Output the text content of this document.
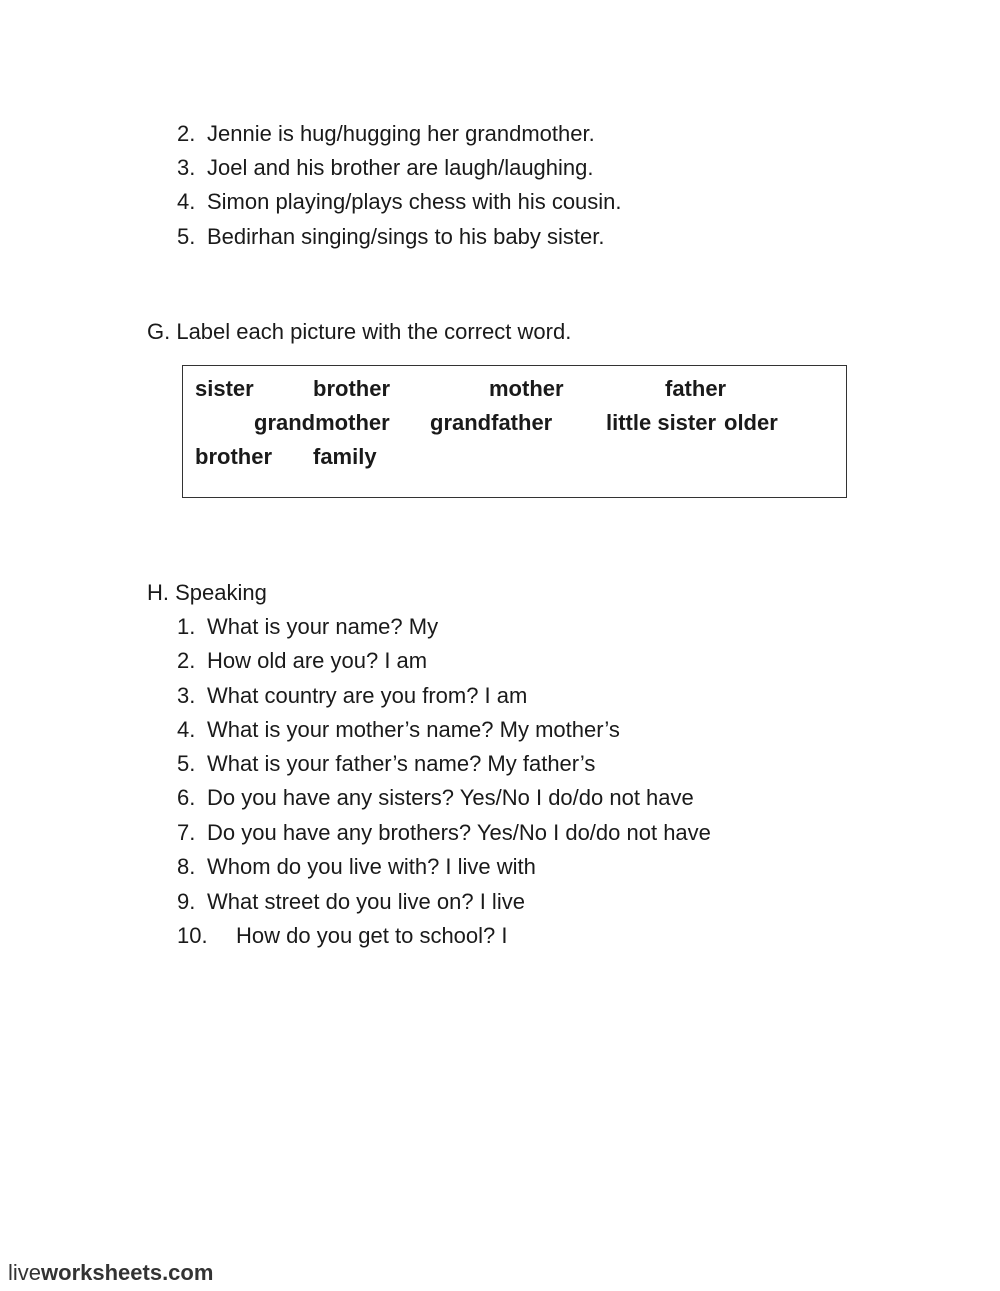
2. Jennie is hug/hugging her grandmother.
3. Joel and his brother are laugh/laughing.
4. Simon playing/plays chess with his cousin.
5. Bedirhan singing/sings to his baby sister.
G. Label each picture with the correct word.
sister	brother	mother	father
grandmother grandfather little sister older
brother family
H. Speaking
1. What is your name? My
2. How old are you? I am
3. What country are you from? I am
4. What is your mother’s name? My mother’s
5. What is your father’s name? My father’s
6. Do you have any sisters? Yes/No I do/do not have
7. Do you have any brothers? Yes/No I do/do not have
8. Whom do you live with? I live with
9. What street do you live on? I live
10. How do you get to school? I
liveworksheets.com
